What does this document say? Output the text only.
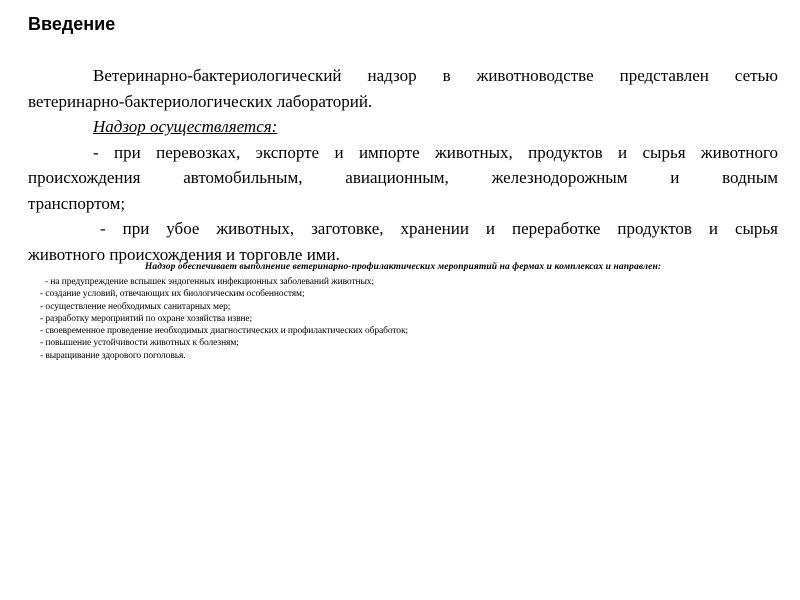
Введение
Ветеринарно-бактериологический надзор в животноводстве представлен сетью
ветеринарно-бактериологических лабораторий.
Надзор осуществляется:
- при перевозках, экспорте и импорте животных, продуктов и сырья животного
происхождения автомобильным, авиационным, железнодорожным и водным
транспортом;
- при убое животных, заготовке, хранении и переработке продуктов и сырья
животного происхождения и торговле ими.
Надзор обеспечивает выполнение ветеринарно-профилактических мероприятий на фермах и комплексах и направлен:
- на предупреждение вспышек эндогенных инфекционных заболеваний животных;
- создание условий, отвечающих их биологическим особенностям;
- осуществление необходимых санитарных мер;
- разработку мероприятий по охране хозяйства извне;
- своевременное проведение необходимых диагностических и профилактических обработок;
- повышение устойчивости животных к болезням;
- выращивание здорового поголовья.
